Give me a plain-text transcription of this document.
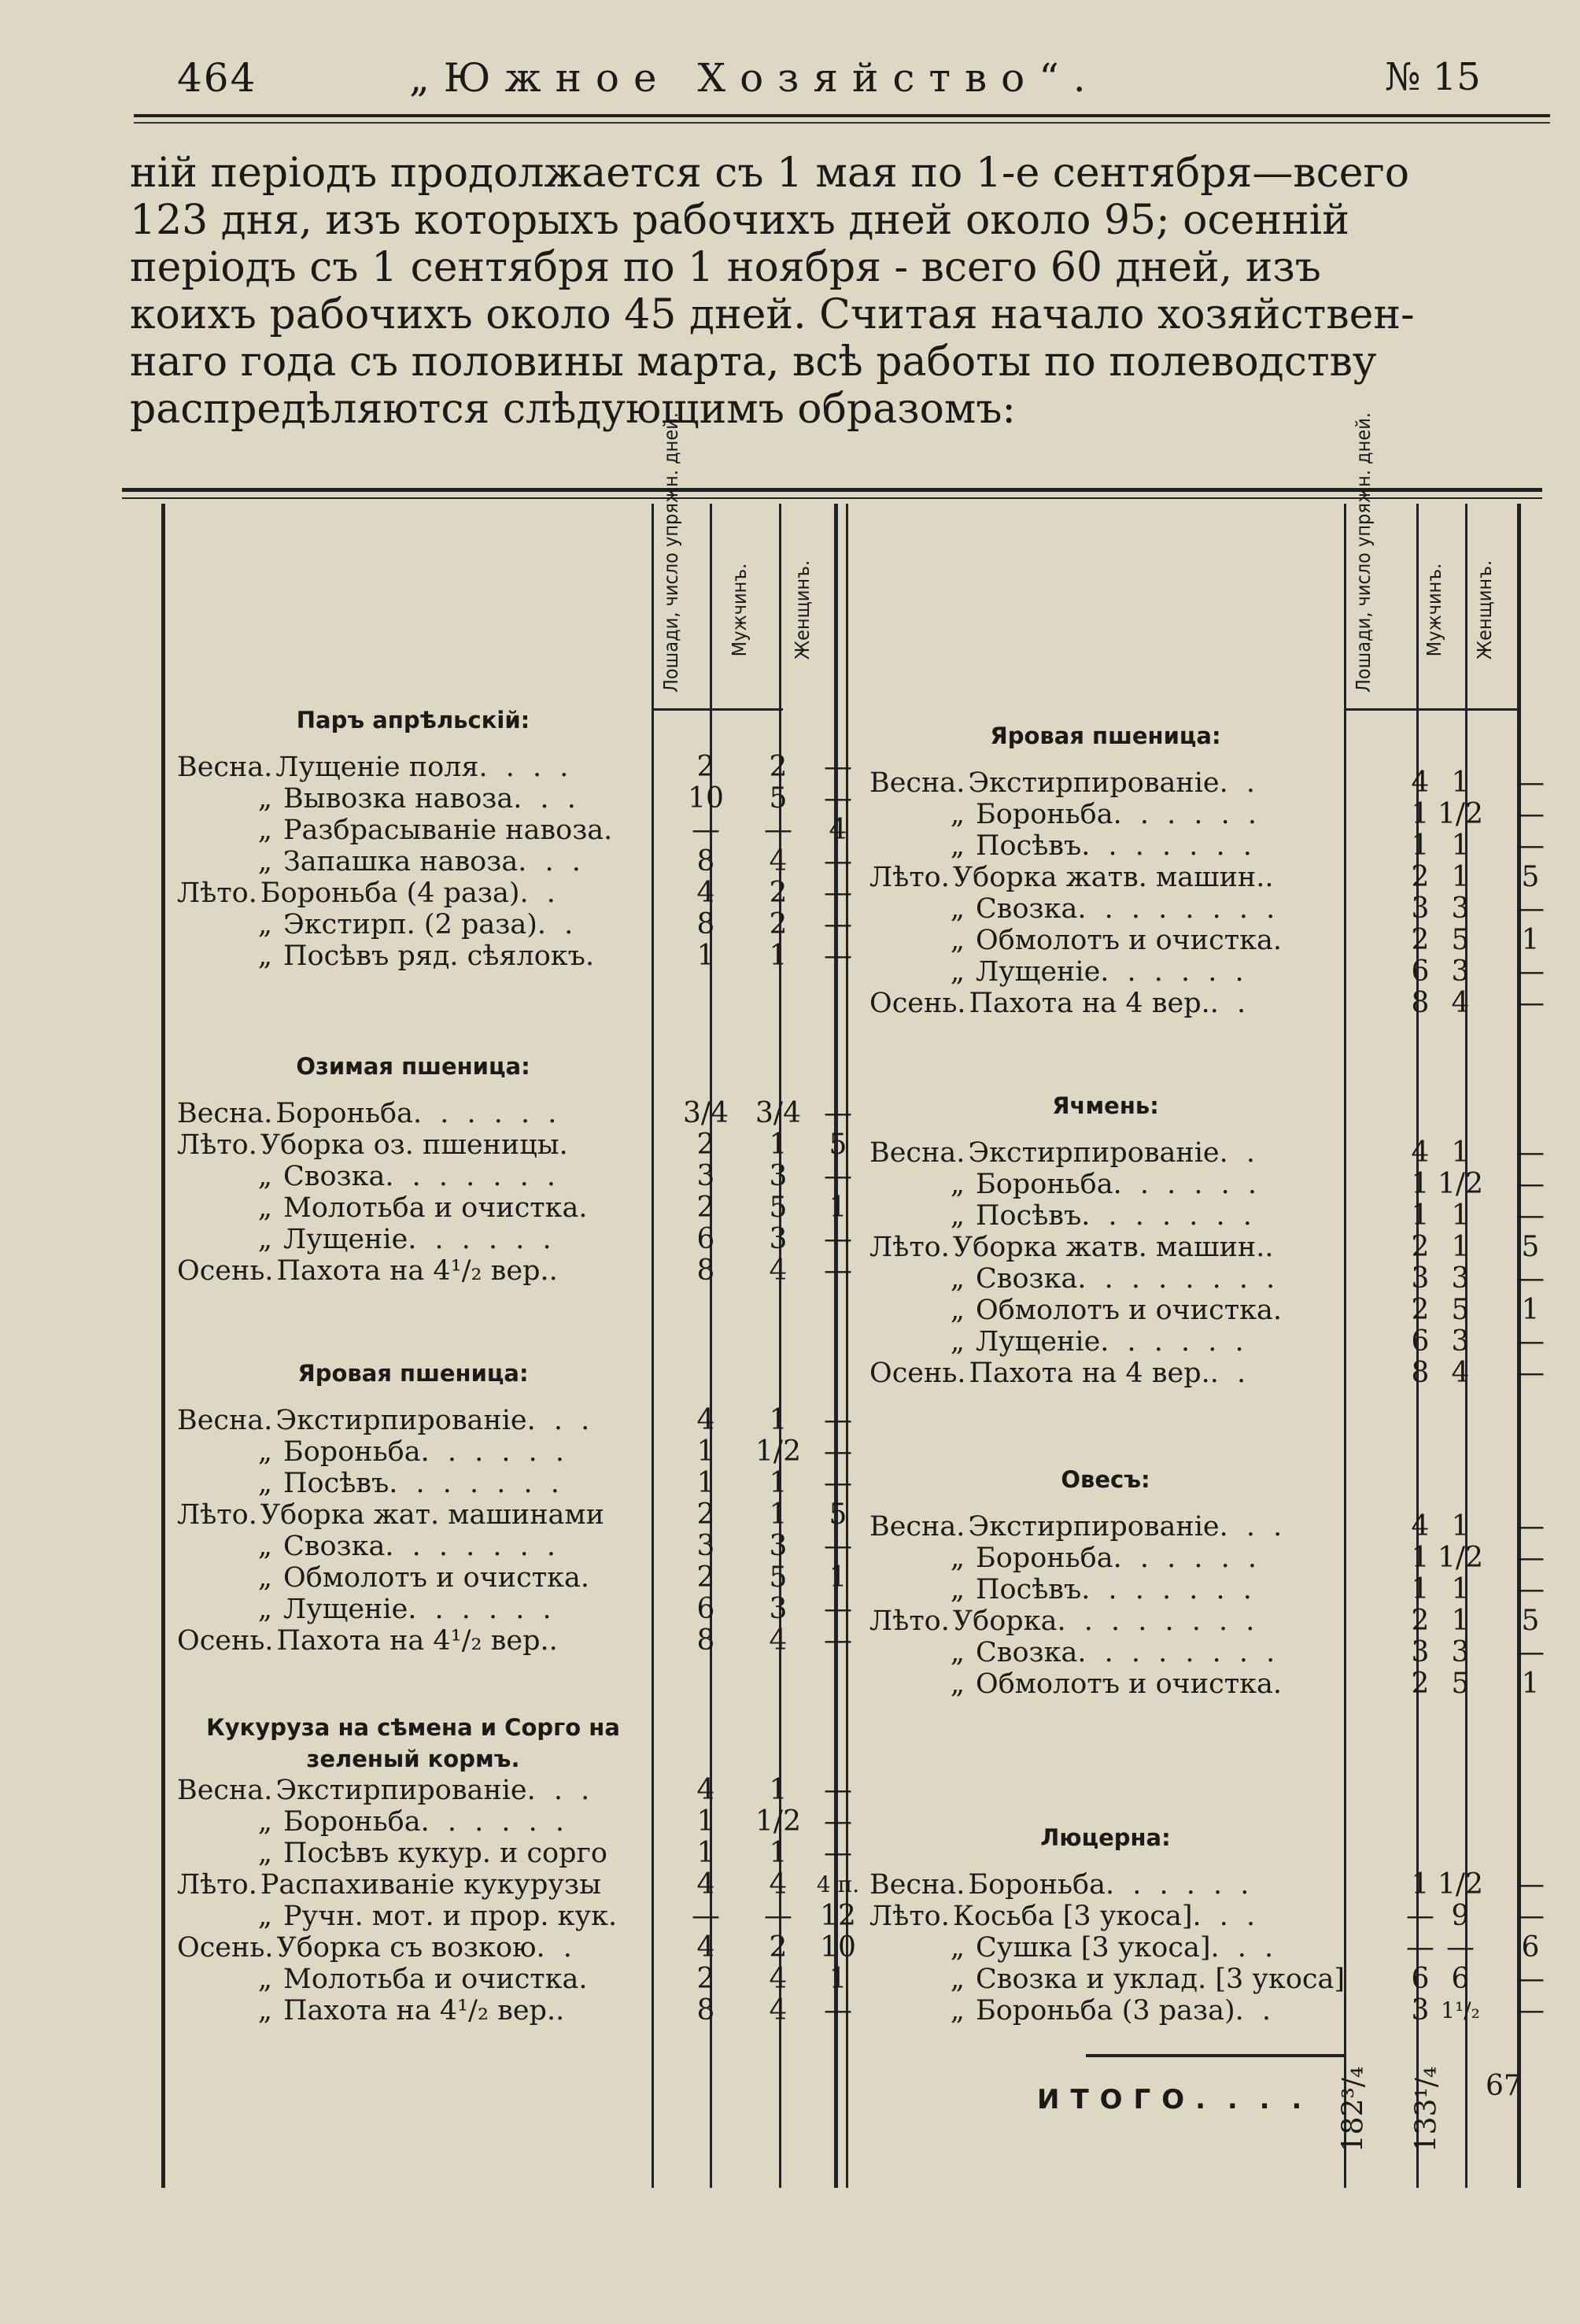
464	„Южное Хозяйство“.	№ 15
ній періодъ продолжается съ 1 мая по 1-е сентября—всего
123 дня, изъ которыхъ рабочихъ дней около 95; осенній
періодъ съ 1 сентября по 1 ноября - всего 60 дней, изъ
коихъ рабочихъ около 45 дней. Считая начало хозяйствен-
наго года съ половины марта, всѣ работы по полеводству
распредѣляются слѣдующимъ образомъ:
Лошади, число упряжн. дней.	Мужчинъ.	Женщинъ.	Лошади, число упряжн. дней.	Мужчинъ.	Женщинъ.
Паръ апрѣльскій:
Весна. Лущеніе поля. . . .	2	2	—
„ Вывозка навоза. . .	10	5	—
„ Разбрасываніе навоза.	—	—	4
„ Запашка навоза. . .	8	4	—
Лѣто. Бороньба (4 раза). .	4	2	—
„ Экстирп. (2 раза). .	8	2	—
„ Посѣвъ ряд. сѣялокъ.	1	1	—
Озимая пшеница:
Весна. Бороньба. . . . . .	3/4 3/4 —
Лѣто. Уборка оз. пшеницы.	2	1	5
„ Свозка. . . . . . .	3	3	—
„ Молотьба и очистка.	2	5	1
„ Лущеніе. . . . . .	6	3	—
Осень. Пахота на 4¹/₂ вер..	8	4	—
Яровая пшеница:
Весна. Экстирпированіе. . .	4	1	—
„ Бороньба. . . . . .	1	1/2 —
„ Посѣвъ. . . . . . .	1	1	—
Лѣто. Уборка жат. машинами	2	1	5
„ Свозка. . . . . . .	3	3	—
„ Обмолотъ и очистка.	2	5	1
„ Лущеніе. . . . . .	6	3	—
Осень. Пахота на 4¹/₂ вер..	8	4	—
Кукуруза на сѣмена и Сорго на зеленый кормъ.
Весна. Экстирпированіе. . .	4	1	—
„ Бороньба. . . . . .	1	1/2 —
„ Посѣвъ кукур. и сорго	1	1	—
Лѣто. Распахиваніе кукурузы	4	4	4 п.
„ Ручн. мот. и прор. кук.	—	— 12
Осень. Уборка съ возкою. .	4	2	10
„ Молотьба и очистка.	2	4	1
„ Пахота на 4¹/₂ вер..	8	4	—
Яровая пшеница:
Весна. Экстирпированіе. .	4 1	—
„ Бороньба. . . . . .	1 1/2	—
„ Посѣвъ. . . . . . .	1 1	—
Лѣто. Уборка жатв. машин..	2 1	5
„ Свозка. . . . . . . .	3 3	—
„ Обмолотъ и очистка.	2 5	1
„ Лущеніе. . . . . .	6 3	—
Осень. Пахота на 4 вер.. .	8 4	—
Ячмень:
Весна. Экстирпированіе. .	4 1	—
„ Бороньба. . . . . .	1 1/2	—
„ Посѣвъ. . . . . . .	1 1	—
Лѣто. Уборка жатв. машин..	2 1	5
„ Свозка. . . . . . . .	3 3	—
„ Обмолотъ и очистка.	2 5	1
„ Лущеніе. . . . . .	6 3	—
Осень. Пахота на 4 вер.. .	8 4	—
Овесъ:
Весна. Экстирпированіе. . .	4 1	—
„ Бороньба. . . . . .	1 1/2	—
„ Посѣвъ. . . . . . .	1 1	—
Лѣто. Уборка. . . . . . . .	2 1	5
„ Свозка. . . . . . . .	3 3	—
„ Обмолотъ и очистка.	2 5	1
Люцерна:
Весна. Бороньба. . . . . .	1 1/2	—
Лѣто. Косьба [3 укоса]. . .	— 9	—
„ Сушка [3 укоса]. . .	— —	6
„ Свозка и уклад. [3 укоса]	6 6	—
„ Бороньба (3 раза). .	3 1¹/₂	—
ИТОГО. . . . 182³/₄ 133¹/₄ 67
